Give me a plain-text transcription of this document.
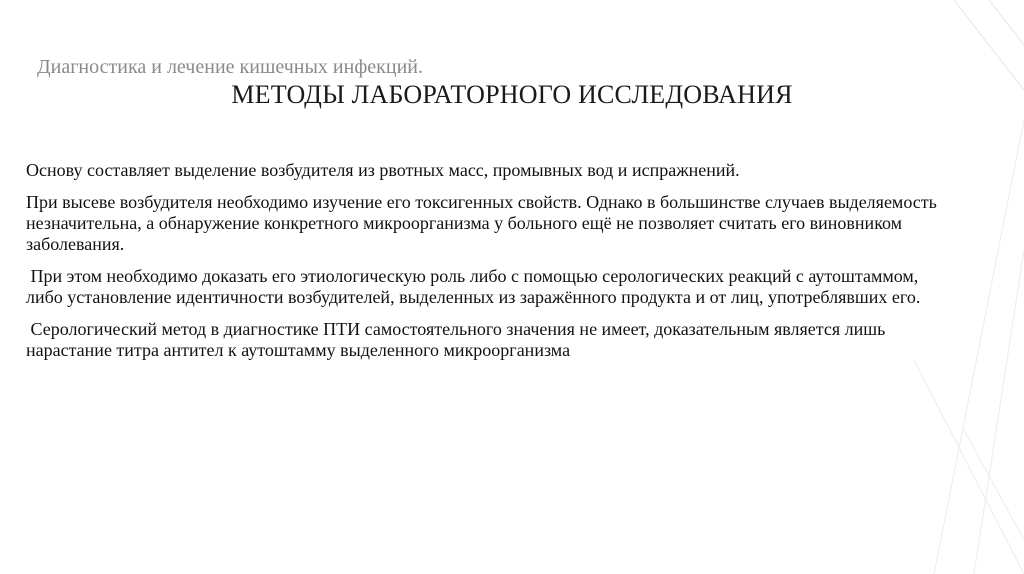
Диагностика и лечение кишечных инфекций.
МЕТОДЫ ЛАБОРАТОРНОГО ИССЛЕДОВАНИЯ

Основу составляет выделение возбудителя из рвотных масс, промывных вод и испражнений.

При высеве возбудителя необходимо изучение его токсигенных свойств. Однако в большинстве случаев выделяемость незначительна, а обнаружение конкретного микроорганизма у больного ещё не позволяет считать его виновником заболевания.

При этом необходимо доказать его этиологическую роль либо с помощью серологических реакций с аутоштаммом, либо установление идентичности возбудителей, выделенных из заражённого продукта и от лиц, употреблявших его.

Серологический метод в диагностике ПТИ самостоятельного значения не имеет, доказательным является лишь нарастание титра антител к аутоштамму выделенного микроорганизма
